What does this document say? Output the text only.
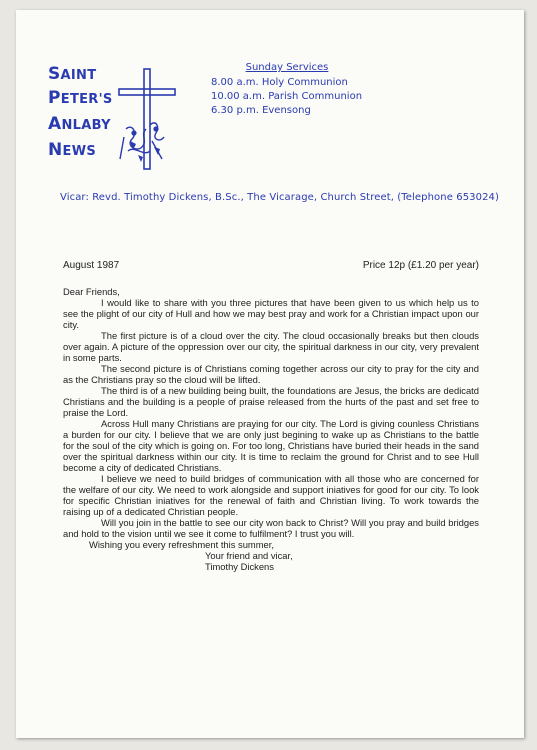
SAINT
PETER'S
ANLABY
NEWS
Sunday Services
8.00 a.m. Holy Communion
10.00 a.m. Parish Communion
6.30 p.m. Evensong
Vicar: Revd. Timothy Dickens, B.Sc., The Vicarage, Church Street, (Telephone 653024)
August 1987	Price 12p (£1.20 per year)
Dear Friends,

I would like to share with you three pictures that have been given to us which help us to see the plight of our city of Hull and how we may best pray and work for a Christian impact upon our city.

The first picture is of a cloud over the city. The cloud occasionally breaks but then clouds over again. A picture of the oppression over our city, the spiritual darkness in our city, very prevalent in some parts.

The second picture is of Christians coming together across our city to pray for the city and as the Christians pray so the cloud will be lifted.

The third is of a new building being built, the foundations are Jesus, the bricks are dedicatd Christians and the building is a people of praise released from the hurts of the past and set free to praise the Lord.

Across Hull many Christians are praying for our city. The Lord is giving counless Christians a burden for our city. I believe that we are only just begining to wake up as Christians to the battle for the soul of the city which is going on. For too long, Christians have buried their heads in the sand over the spiritual darkness within our city. It is time to reclaim the ground for Christ and to see Hull become a city of dedicated Christians.

I believe we need to build bridges of communication with all those who are concerned for the welfare of our city. We need to work alongside and support iniatives for good for our city. To look for specific Christian iniatives for the renewal of faith and Christian living. To work towards the raising up of a dedicated Christian people.

Will you join in the battle to see our city won back to Christ? Will you pray and build bridges and hold to the vision until we see it come to fulfilment? I trust you will.

Wishing you every refreshment this summer,
Your friend and vicar,
Timothy Dickens
